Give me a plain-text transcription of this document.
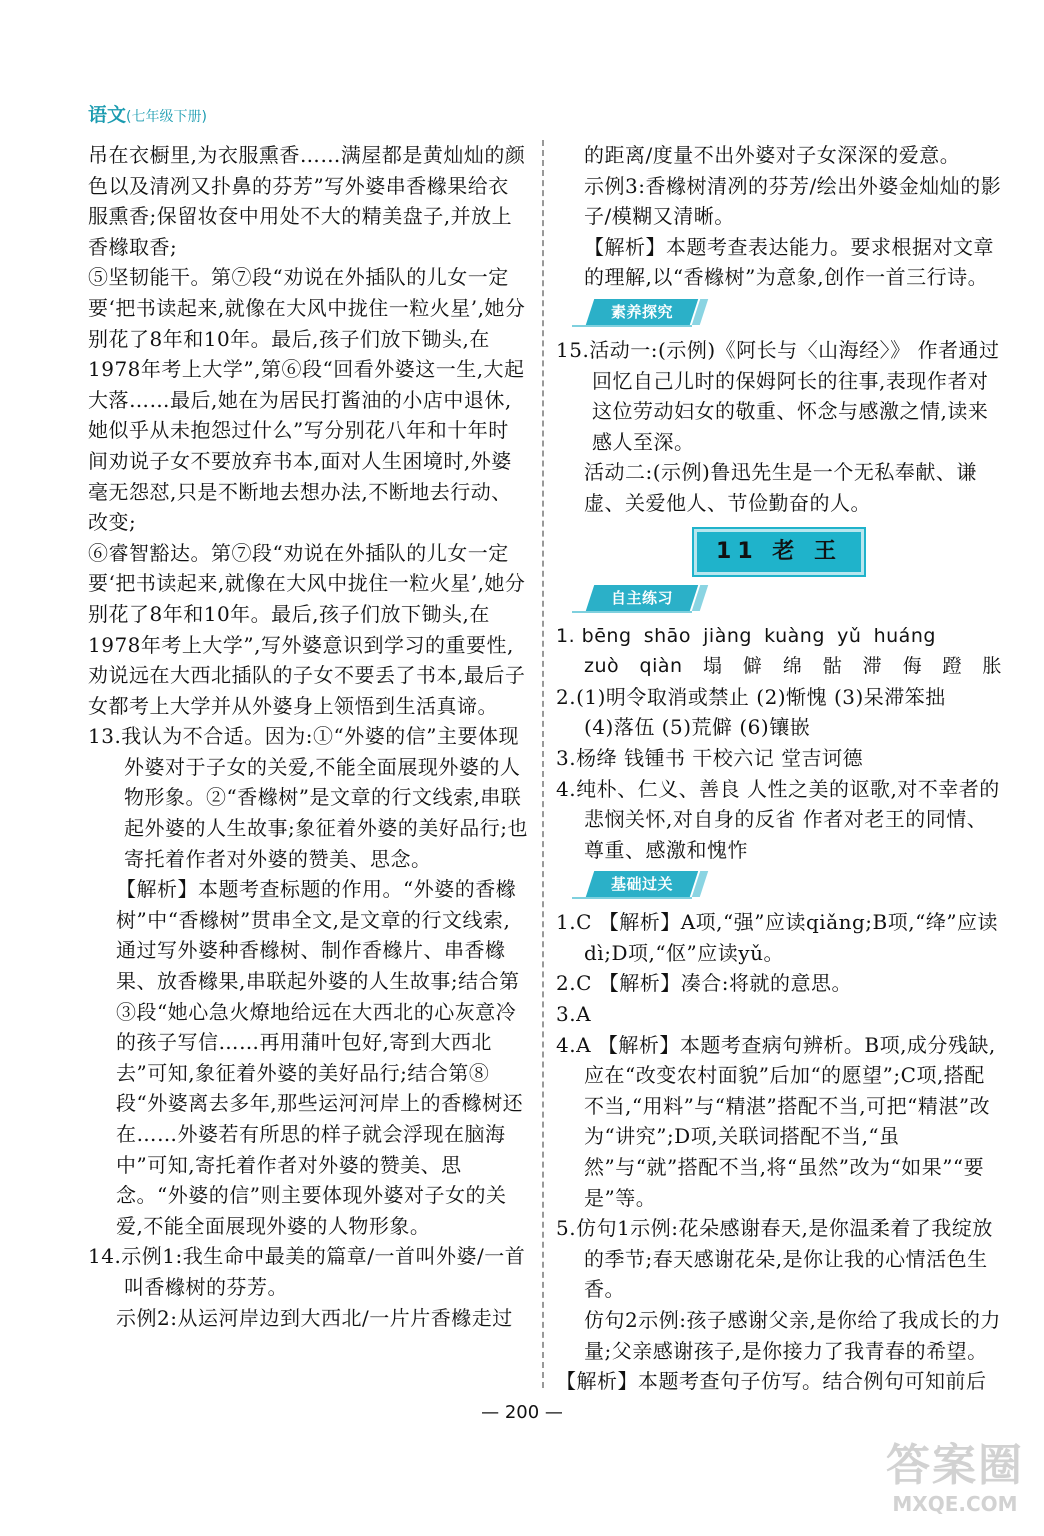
语文(七年级下册)

吊在衣橱里,为衣服熏香……满屋都是黄灿灿的颜色以及清冽又扑鼻的芬芳”写外婆串香橼果给衣服熏香;保留妆奁中用处不大的精美盘子,并放上香橼取香;

⑤坚韧能干。第⑦段“劝说在外插队的儿女一定要‘把书读起来,就像在大风中拢住一粒火星’,她分别花了8年和10年。最后,孩子们放下锄头,在1978年考上大学”,第⑥段“回看外婆这一生,大起大落……最后,她在为居民打酱油的小店中退休,她似乎从未抱怨过什么”写分别花八年和十年时间劝说子女不要放弃书本,面对人生困境时,外婆毫无怨怼,只是不断地去想办法,不断地去行动、改变;

⑥睿智豁达。第⑦段“劝说在外插队的儿女一定要‘把书读起来,就像在大风中拢住一粒火星’,她分别花了8年和10年。最后,孩子们放下锄头,在1978年考上大学”,写外婆意识到学习的重要性,劝说远在大西北插队的子女不要丢了书本,最后子女都考上大学并从外婆身上领悟到生活真谛。

13.我认为不合适。因为:①“外婆的信”主要体现外婆对于子女的关爱,不能全面展现外婆的人物形象。②“香橼树”是文章的行文线索,串联起外婆的人生故事;象征着外婆的美好品行;也寄托着作者对外婆的赞美、思念。

【解析】本题考查标题的作用。“外婆的香橼树”中“香橼树”贯串全文,是文章的行文线索,通过写外婆种香橼树、制作香橼片、串香橼果、放香橼果,串联起外婆的人生故事;结合第③段“她心急火燎地给远在大西北的心灰意冷的孩子写信……再用蒲叶包好,寄到大西北去”可知,象征着外婆的美好品行;结合第⑧段“外婆离去多年,那些运河河岸上的香橼树还在……外婆若有所思的样子就会浮现在脑海中”可知,寄托着作者对外婆的赞美、思念。“外婆的信”则主要体现外婆对子女的关爱,不能全面展现外婆的人物形象。

14.示例1:我生命中最美的篇章/一首叫外婆/一首叫香橼树的芬芳。

示例2:从运河岸边到大西北/一片片香橼走过

的距离/度量不出外婆对子女深深的爱意。

示例3:香橼树清冽的芬芳/绘出外婆金灿灿的影子/模糊又清晰。

【解析】本题考查表达能力。要求根据对文章的理解,以“香橼树”为意象,创作一首三行诗。

素养探究

15.活动一:(示例)《阿长与〈山海经〉》 作者通过回忆自己儿时的保姆阿长的往事,表现作者对这位劳动妇女的敬重、怀念与感激之情,读来感人至深。

活动二:(示例)鲁迅先生是一个无私奉献、谦虚、关爱他人、节俭勤奋的人。

11 老 王
自主练习
1. bēng shāo jiàng kuàng yǔ huáng
zuò qiàn 塌 僻 绵 骷 滞 侮 蹬 胀

2.(1)明令取消或禁止 (2)惭愧 (3)呆滞笨拙

(4)落伍 (5)荒僻 (6)镶嵌

3.杨绛 钱锺书 干校六记 堂吉诃德

4.纯朴、仁义、善良 人性之美的讴歌,对不幸者的悲悯关怀,对自身的反省 作者对老王的同情、尊重、感激和愧怍

基础过关

1.C 【解析】A项,“强”应读qiǎng;B项,“绛”应读dì;D项,“伛”应读yǔ。

2.C 【解析】凑合:将就的意思。

3.A

4.A 【解析】本题考查病句辨析。B项,成分残缺,应在“改变农村面貌”后加“的愿望”;C项,搭配不当,“用料”与“精湛”搭配不当,可把“精湛”改为“讲究”;D项,关联词搭配不当,“虽然”与“就”搭配不当,将“虽然”改为“如果”“要是”等。

5.仿句1示例:花朵感谢春天,是你温柔着了我绽放的季节;春天感谢花朵,是你让我的心情活色生香。

仿句2示例:孩子感谢父亲,是你给了我成长的力量;父亲感谢孩子,是你接力了我青春的希望。

【解析】本题考查句子仿写。结合例句可知前后

— 200 —
答案圈
MXQE.COM
